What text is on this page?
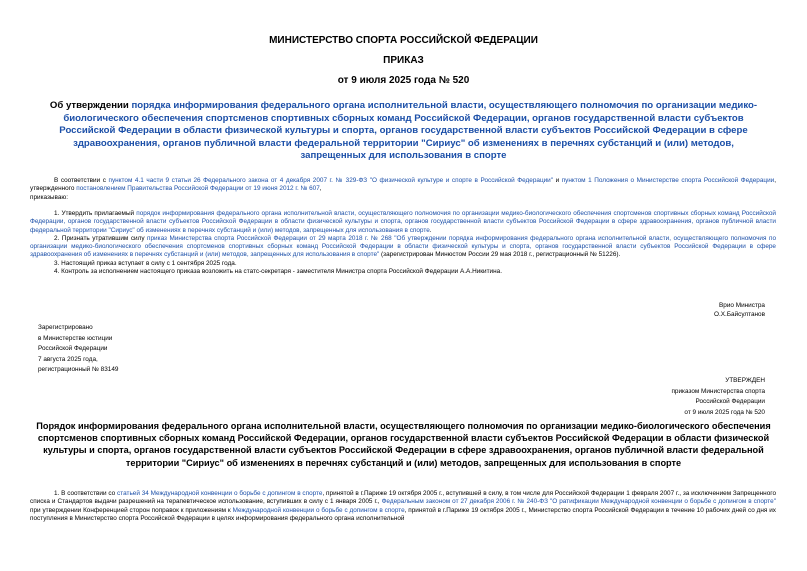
МИНИСТЕРСТВО СПОРТА РОССИЙСКОЙ ФЕДЕРАЦИИ
ПРИКАЗ
от 9 июля 2025 года № 520
Об утверждении порядка информирования федерального органа исполнительной власти, осуществляющего полномочия по организации медико-биологического обеспечения спортсменов спортивных сборных команд Российской Федерации, органов государственной власти субъектов Российской Федерации в области физической культуры и спорта, органов государственной власти субъектов Российской Федерации в сфере здравоохранения, органов публичной власти федеральной территории "Сириус" об изменениях в перечнях субстанций и (или) методов, запрещенных для использования в спорте

В соответствии с пунктом 4.1 части 9 статьи 26 Федерального закона от 4 декабря 2007 г. № 329-ФЗ "О физической культуре и спорте в Российской Федерации" и пунктом 1 Положения о Министерстве спорта Российской Федерации, утвержденного постановлением Правительства Российской Федерации от 19 июня 2012 г. № 607,

приказываю:

1. Утвердить прилагаемый порядок информирования федерального органа исполнительной власти, осуществляющего полномочия по организации медико-биологического обеспечения спортсменов спортивных сборных команд Российской Федерации, органов государственной власти субъектов Российской Федерации в области физической культуры и спорта, органов государственной власти субъектов Российской Федерации в сфере здравоохранения, органов публичной власти федеральной территории "Сириус" об изменениях в перечнях субстанций и (или) методов, запрещенных для использования в спорте.

2. Признать утратившим силу приказ Министерства спорта Российской Федерации от 29 марта 2018 г. № 268 "Об утверждении порядка информирования федерального органа исполнительной власти, осуществляющего полномочия по организации медико-биологического обеспечения спортсменов спортивных сборных команд Российской Федерации в области физической культуры и спорта, органов государственной власти субъектов Российской Федерации в сфере здравоохранения об изменениях в перечнях субстанций и (или) методов, запрещенных для использования в спорте" (зарегистрирован Минюстом России 29 мая 2018 г., регистрационный № 51226).

3. Настоящий приказ вступает в силу с 1 сентября 2025 года.

4. Контроль за исполнением настоящего приказа возложить на статс-секретаря - заместителя Министра спорта Российской Федерации А.А.Никитина.

Врио Министра
О.Х.Байсултанов
Зарегистрировано
в Министерстве юстиции
Российской Федерации
7 августа 2025 года,
регистрационный № 83149
УТВЕРЖДЕН
приказом Министерства спорта
Российской Федерации
от 9 июля 2025 года № 520
Порядок информирования федерального органа исполнительной власти, осуществляющего полномочия по организации медико-биологического обеспечения спортсменов спортивных сборных команд Российской Федерации, органов государственной власти субъектов Российской Федерации в области физической культуры и спорта, органов государственной власти субъектов Российской Федерации в сфере здравоохранения, органов публичной власти федеральной территории "Сириус" об изменениях в перечнях субстанций и (или) методов, запрещенных для использования в спорте

1. В соответствии со статьей 34 Международной конвенции о борьбе с допингом в спорте, принятой в г.Париже 19 октября 2005 г., вступившей в силу, в том числе для Российской Федерации 1 февраля 2007 г., за исключением Запрещенного списка и Стандартов выдачи разрешений на терапевтическое использование, вступивших в силу с 1 января 2005 г., Федеральным законом от 27 декабря 2006 г. № 240-ФЗ "О ратификации Международной конвенции о борьбе с допингом в спорте" при утверждении Конференцией сторон поправок к приложениям к Международной конвенции о борьбе с допингом в спорте, принятой в г.Париже 19 октября 2005 г., Министерство спорта Российской Федерации в течение 10 рабочих дней со дня их поступления в Министерство спорта Российской Федерации в целях информирования федерального органа исполнительной
